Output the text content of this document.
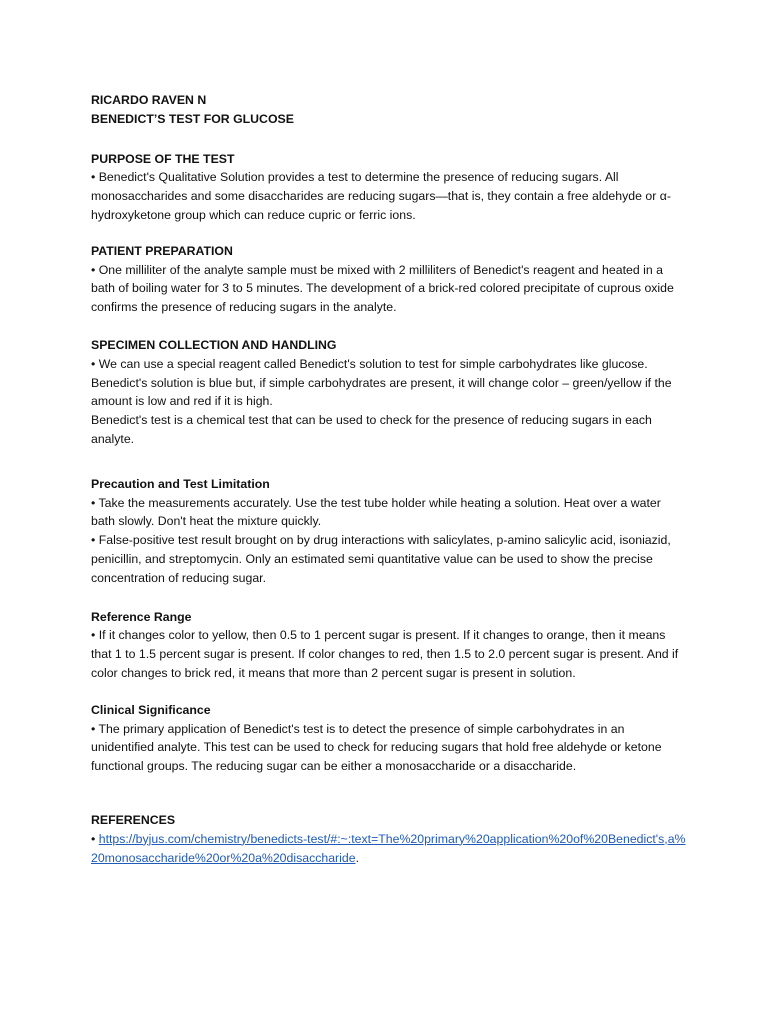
RICARDO RAVEN N

BENEDICT’S TEST FOR GLUCOSE

PURPOSE OF THE TEST

• Benedict's Qualitative Solution provides a test to determine the presence of reducing sugars. All monosaccharides and some disaccharides are reducing sugars—that is, they contain a free aldehyde or α-hydroxyketone group which can reduce cupric or ferric ions.

PATIENT PREPARATION

• One milliliter of the analyte sample must be mixed with 2 milliliters of Benedict's reagent and heated in a bath of boiling water for 3 to 5 minutes. The development of a brick-red colored precipitate of cuprous oxide confirms the presence of reducing sugars in the analyte.

SPECIMEN COLLECTION AND HANDLING

• We can use a special reagent called Benedict's solution to test for simple carbohydrates like glucose. Benedict's solution is blue but, if simple carbohydrates are present, it will change color – green/yellow if the amount is low and red if it is high.

Benedict's test is a chemical test that can be used to check for the presence of reducing sugars in each analyte.

Precaution and Test Limitation

• Take the measurements accurately. Use the test tube holder while heating a solution. Heat over a water bath slowly. Don't heat the mixture quickly.

• False-positive test result brought on by drug interactions with salicylates, p-amino salicylic acid, isoniazid, penicillin, and streptomycin. Only an estimated semi quantitative value can be used to show the precise concentration of reducing sugar.

Reference Range

• If it changes color to yellow, then 0.5 to 1 percent sugar is present. If it changes to orange, then it means that 1 to 1.5 percent sugar is present. If color changes to red, then 1.5 to 2.0 percent sugar is present. And if color changes to brick red, it means that more than 2 percent sugar is present in solution.

Clinical Significance

• The primary application of Benedict's test is to detect the presence of simple carbohydrates in an unidentified analyte. This test can be used to check for reducing sugars that hold free aldehyde or ketone functional groups. The reducing sugar can be either a monosaccharide or a disaccharide.

REFERENCES

• https://byjus.com/chemistry/benedicts-test/#:~:text=The%20primary%20application%20of%20Benedict's,a%20monosaccharide%20or%20a%20disaccharide.
